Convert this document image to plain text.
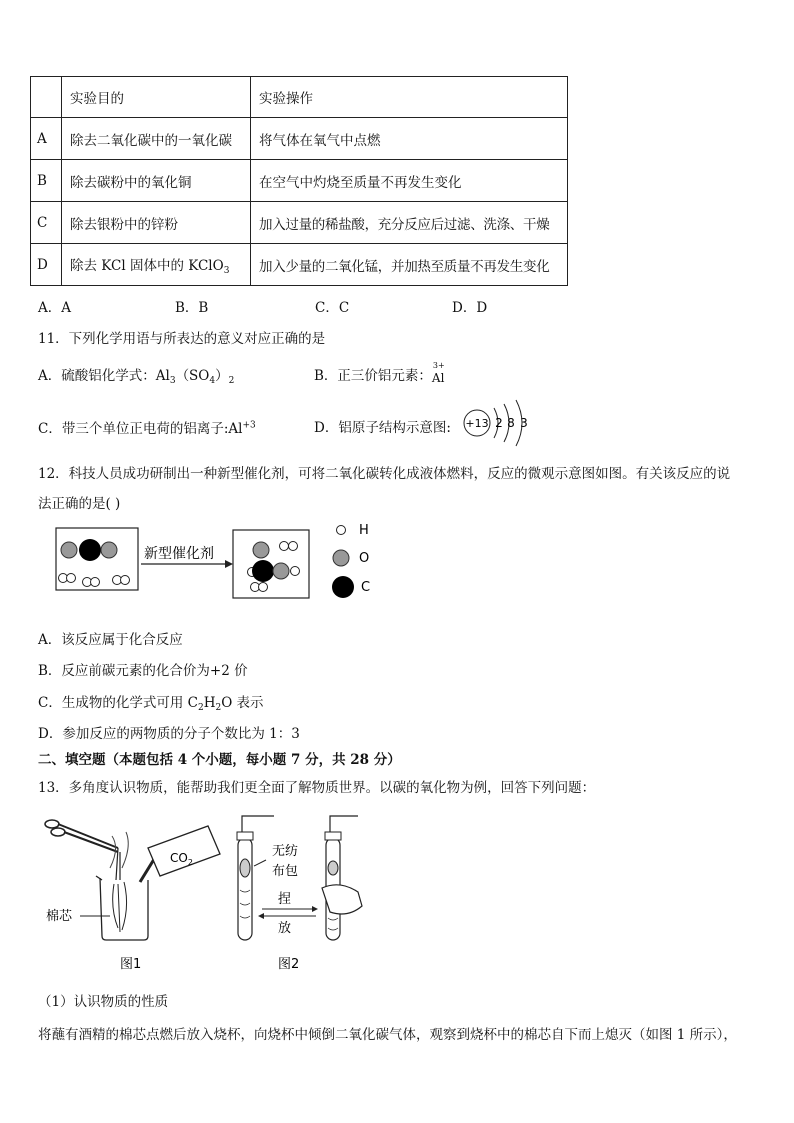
	实验目的	实验操作
A	除去二氧化碳中的一氧化碳	将气体在氧气中点燃
B	除去碳粉中的氧化铜	在空气中灼烧至质量不再发生变化
C	除去银粉中的锌粉	加入过量的稀盐酸，充分反应后过滤、洗涤、干燥
D	除去 KCl 固体中的 KClO$_3$	加入少量的二氧化锰，并加热至质量不再发生变化
A．A	B．B	C．C	D．D
11．下列化学用语与所表达的意义对应正确的是
A．硫酸铝化学式：$Al_3(SO_4)_2$	B．正三价铝元素：
3+
Al
C．带三个单位正电荷的铝离子$:Al^{+3}$	D．铝原子结构示意图: +13 2 8 3
12．科技人员成功研制出一种新型催化剂，可将二氧化碳转化成液体燃料，反应的微观示意图如图。有关该反应的说
法正确的是( )
新型催化剂
H
O
C
A．该反应属于化合反应
B．反应前碳元素的化合价为+2 价
C．生成物的化学式可用 $C_2H_2O$ 表示
D．参加反应的两物质的分子个数比为 1：3
二、填空题（本题包括 4 个小题，每小题 7 分，共 28 分）
13．多角度认识物质，能帮助我们更全面了解物质世界。以碳的氧化物为例，回答下列问题：
棉芯
$CO_2$
图1
无纺
布包
捏
放
图2
（1）认识物质的性质
将蘸有酒精的棉芯点燃后放入烧杯，向烧杯中倾倒二氧化碳气体，观察到烧杯中的棉芯自下而上熄灭（如图 1 所示），
